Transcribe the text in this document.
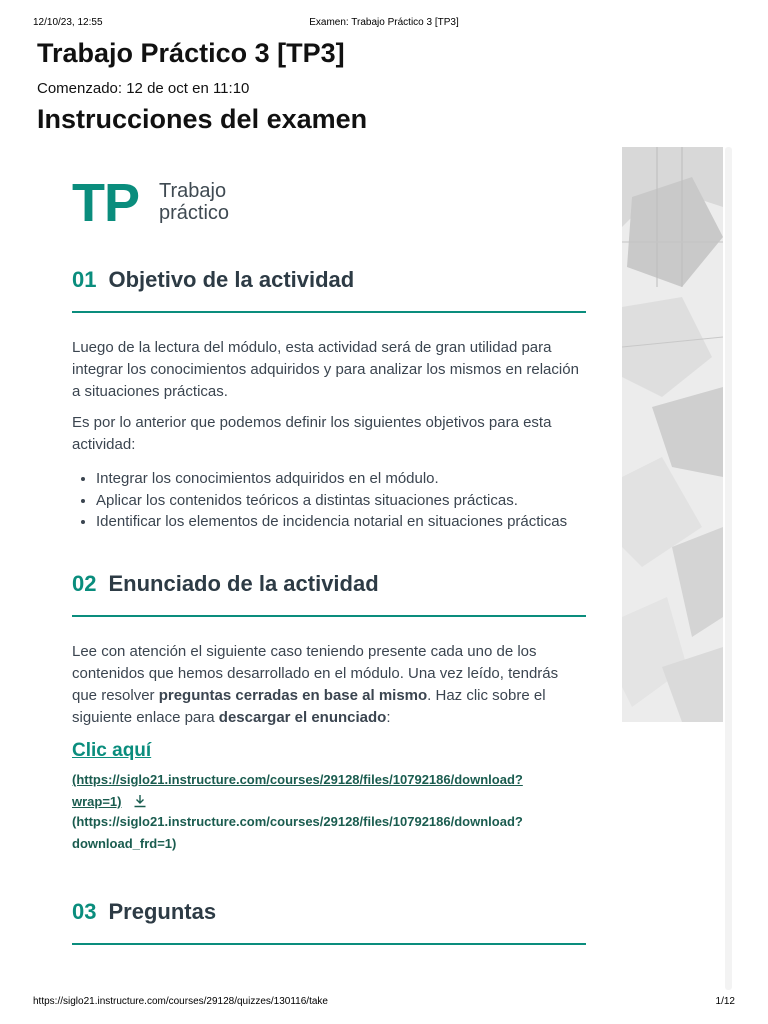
12/10/23, 12:55	Examen: Trabajo Práctico 3 [TP3]
Trabajo Práctico 3 [TP3]
Comenzado: 12 de oct en 11:10
Instrucciones del examen
TP Trabajo
práctico
01 Objetivo de la actividad

Luego de la lectura del módulo, esta actividad será de gran utilidad para integrar los conocimientos adquiridos y para analizar los mismos en relación a situaciones prácticas.

Es por lo anterior que podemos definir los siguientes objetivos para esta actividad:

• Integrar los conocimientos adquiridos en el módulo.
• Aplicar los contenidos teóricos a distintas situaciones prácticas.
• Identificar los elementos de incidencia notarial en situaciones prácticas
02 Enunciado de la actividad

Lee con atención el siguiente caso teniendo presente cada uno de los contenidos que hemos desarrollado en el módulo. Una vez leído, tendrás que resolver preguntas cerradas en base al mismo. Haz clic sobre el siguiente enlace para descargar el enunciado:

Clic aquí
(https://siglo21.instructure.com/courses/29128/files/10792186/download?
wrap=1)
(https://siglo21.instructure.com/courses/29128/files/10792186/download?
download_frd=1)
03 Preguntas
https://siglo21.instructure.com/courses/29128/quizzes/130116/take	1/12
